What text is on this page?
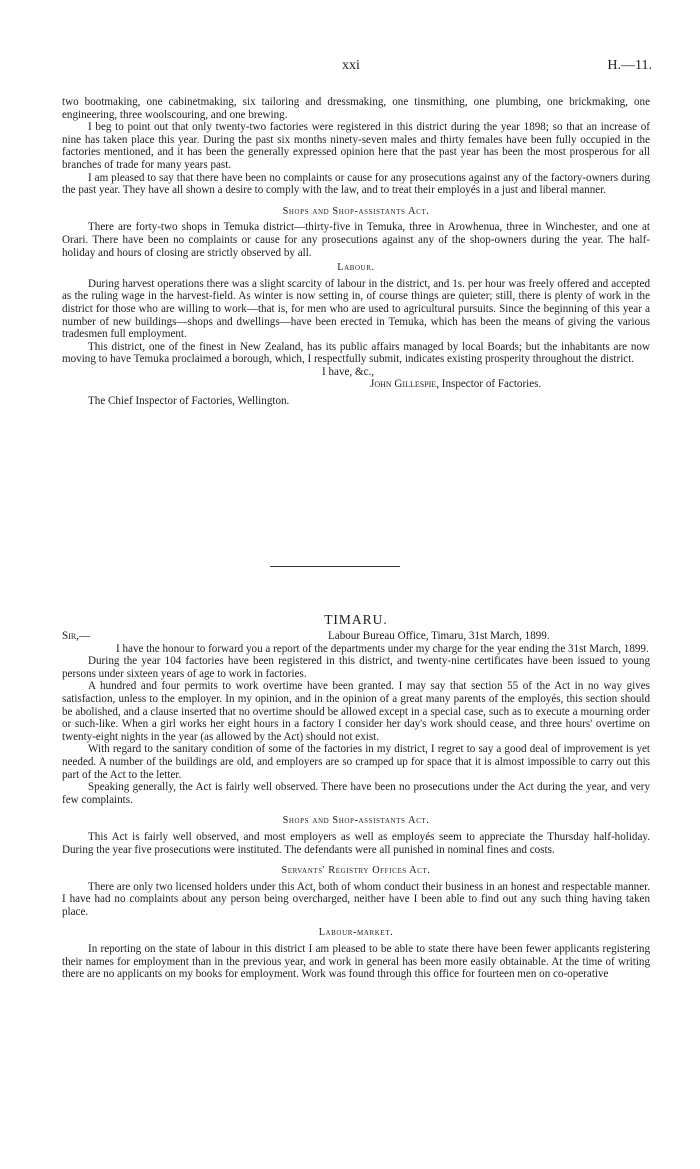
xxi	H.—11.

two bootmaking, one cabinetmaking, six tailoring and dressmaking, one tinsmithing, one plumbing, one brickmaking, one engineering, three woolscouring, and one brewing.

I beg to point out that only twenty-two factories were registered in this district during the year 1898; so that an increase of nine has taken place this year. During the past six months ninety-seven males and thirty females have been fully occupied in the factories mentioned, and it has been the generally expressed opinion here that the past year has been the most prosperous for all branches of trade for many years past.

I am pleased to say that there have been no complaints or cause for any prosecutions against any of the factory-owners during the past year. They have all shown a desire to comply with the law, and to treat their employés in a just and liberal manner.

Shops and Shop-assistants Act.

There are forty-two shops in Temuka district—thirty-five in Temuka, three in Arowhenua, three in Winchester, and one at Orari. There have been no complaints or cause for any prosecutions against any of the shop-owners during the year. The half-holiday and hours of closing are strictly observed by all.

Labour.

During harvest operations there was a slight scarcity of labour in the district, and 1s. per hour was freely offered and accepted as the ruling wage in the harvest-field. As winter is now setting in, of course things are quieter; still, there is plenty of work in the district for those who are willing to work—that is, for men who are used to agricultural pursuits. Since the beginning of this year a number of new buildings—shops and dwellings—have been erected in Temuka, which has been the means of giving the various tradesmen full employment.

This district, one of the finest in New Zealand, has its public affairs managed by local Boards; but the inhabitants are now moving to have Temuka proclaimed a borough, which, I respectfully submit, indicates existing prosperity throughout the district.

I have, &c.,
John Gillespie, Inspector of Factories.
The Chief Inspector of Factories, Wellington.
TIMARU.
Sir,—	Labour Bureau Office, Timaru, 31st March, 1899.

I have the honour to forward you a report of the departments under my charge for the year ending the 31st March, 1899.

During the year 104 factories have been registered in this district, and twenty-nine certificates have been issued to young persons under sixteen years of age to work in factories.

A hundred and four permits to work overtime have been granted. I may say that section 55 of the Act in no way gives satisfaction, unless to the employer. In my opinion, and in the opinion of a great many parents of the employés, this section should be abolished, and a clause inserted that no overtime should be allowed except in a special case, such as to execute a mourning order or such-like. When a girl works her eight hours in a factory I consider her day's work should cease, and three hours' overtime on twenty-eight nights in the year (as allowed by the Act) should not exist.

With regard to the sanitary condition of some of the factories in my district, I regret to say a good deal of improvement is yet needed. A number of the buildings are old, and employers are so cramped up for space that it is almost impossible to carry out this part of the Act to the letter.

Speaking generally, the Act is fairly well observed. There have been no prosecutions under the Act during the year, and very few complaints.

Shops and Shop-assistants Act.

This Act is fairly well observed, and most employers as well as employés seem to appreciate the Thursday half-holiday. During the year five prosecutions were instituted. The defendants were all punished in nominal fines and costs.

Servants' Registry Offices Act.

There are only two licensed holders under this Act, both of whom conduct their business in an honest and respectable manner. I have had no complaints about any person being overcharged, neither have I been able to find out any such thing having taken place.

Labour-market.

In reporting on the state of labour in this district I am pleased to be able to state there have been fewer applicants registering their names for employment than in the previous year, and work in general has been more easily obtainable. At the time of writing there are no applicants on my books for employment. Work was found through this office for fourteen men on co-operative
